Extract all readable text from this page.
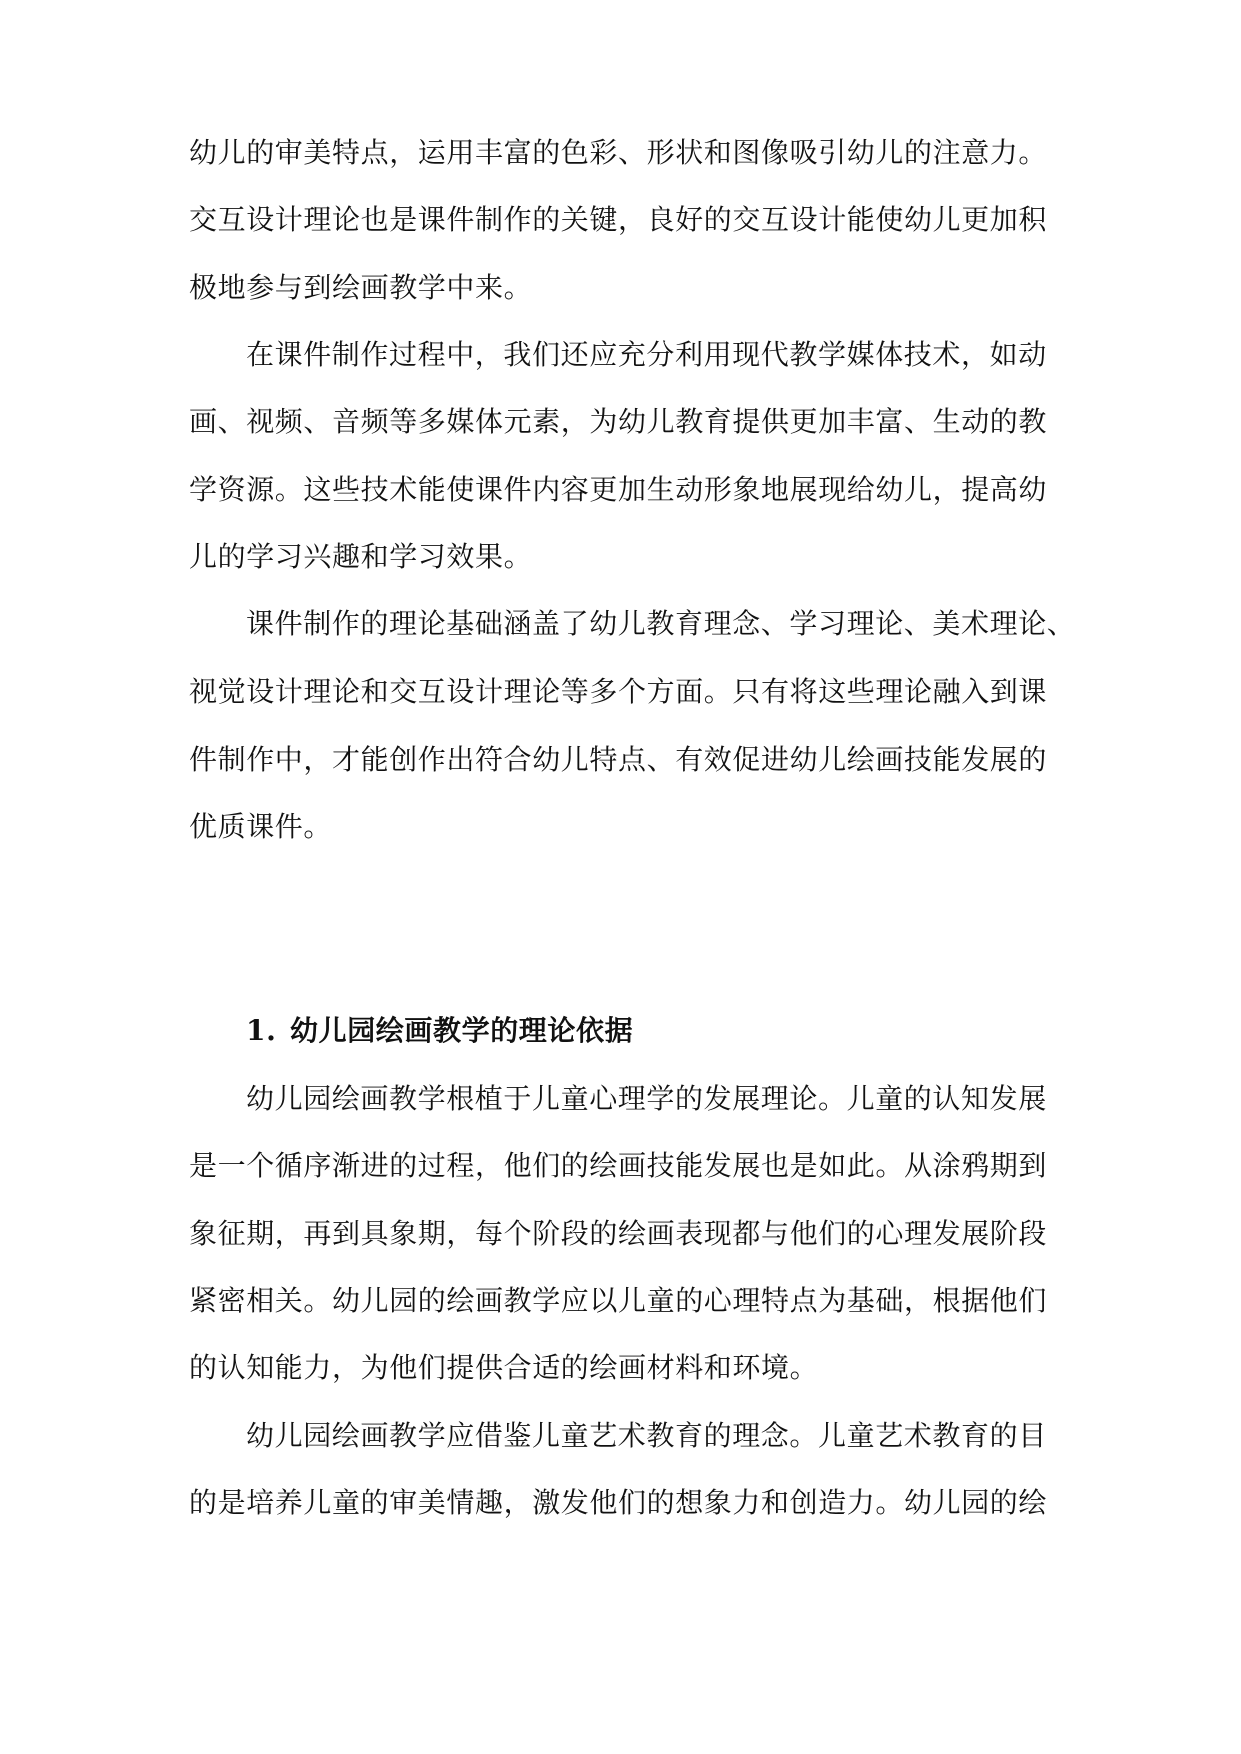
幼儿的审美特点，运用丰富的色彩、形状和图像吸引幼儿的注意力。
交互设计理论也是课件制作的关键，良好的交互设计能使幼儿更加积
极地参与到绘画教学中来。
在课件制作过程中，我们还应充分利用现代教学媒体技术，如动
画、视频、音频等多媒体元素，为幼儿教育提供更加丰富、生动的教
学资源。这些技术能使课件内容更加生动形象地展现给幼儿，提高幼
儿的学习兴趣和学习效果。
课件制作的理论基础涵盖了幼儿教育理念、学习理论、美术理论、
视觉设计理论和交互设计理论等多个方面。只有将这些理论融入到课
件制作中，才能创作出符合幼儿特点、有效促进幼儿绘画技能发展的
优质课件。
1. 幼儿园绘画教学的理论依据
幼儿园绘画教学根植于儿童心理学的发展理论。儿童的认知发展
是一个循序渐进的过程，他们的绘画技能发展也是如此。从涂鸦期到
象征期，再到具象期，每个阶段的绘画表现都与他们的心理发展阶段
紧密相关。幼儿园的绘画教学应以儿童的心理特点为基础，根据他们
的认知能力，为他们提供合适的绘画材料和环境。
幼儿园绘画教学应借鉴儿童艺术教育的理念。儿童艺术教育的目
的是培养儿童的审美情趣，激发他们的想象力和创造力。幼儿园的绘
